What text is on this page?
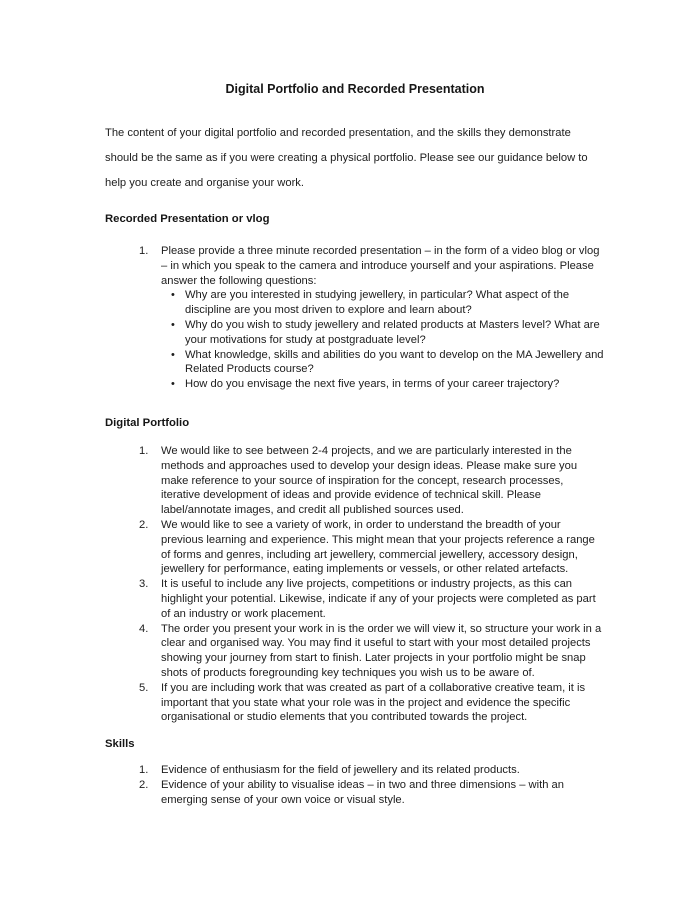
Digital Portfolio and Recorded Presentation

The content of your digital portfolio and recorded presentation, and the skills they demonstrate should be the same as if you were creating a physical portfolio. Please see our guidance below to help you create and organise your work.

Recorded Presentation or vlog
1. Please provide a three minute recorded presentation – in the form of a video blog or vlog – in which you speak to the camera and introduce yourself and your aspirations. Please answer the following questions:
• Why are you interested in studying jewellery, in particular? What aspect of the discipline are you most driven to explore and learn about?
• Why do you wish to study jewellery and related products at Masters level? What are your motivations for study at postgraduate level?
• What knowledge, skills and abilities do you want to develop on the MA Jewellery and Related Products course?
• How do you envisage the next five years, in terms of your career trajectory?
Digital Portfolio
1. We would like to see between 2-4 projects, and we are particularly interested in the methods and approaches used to develop your design ideas. Please make sure you make reference to your source of inspiration for the concept, research processes, iterative development of ideas and provide evidence of technical skill. Please label/annotate images, and credit all published sources used.
2. We would like to see a variety of work, in order to understand the breadth of your previous learning and experience. This might mean that your projects reference a range of forms and genres, including art jewellery, commercial jewellery, accessory design, jewellery for performance, eating implements or vessels, or other related artefacts.
3. It is useful to include any live projects, competitions or industry projects, as this can highlight your potential. Likewise, indicate if any of your projects were completed as part of an industry or work placement.
4. The order you present your work in is the order we will view it, so structure your work in a clear and organised way. You may find it useful to start with your most detailed projects showing your journey from start to finish. Later projects in your portfolio might be snap shots of products foregrounding key techniques you wish us to be aware of.
5. If you are including work that was created as part of a collaborative creative team, it is important that you state what your role was in the project and evidence the specific organisational or studio elements that you contributed towards the project.
Skills
1. Evidence of enthusiasm for the field of jewellery and its related products.
2. Evidence of your ability to visualise ideas – in two and three dimensions – with an emerging sense of your own voice or visual style.
